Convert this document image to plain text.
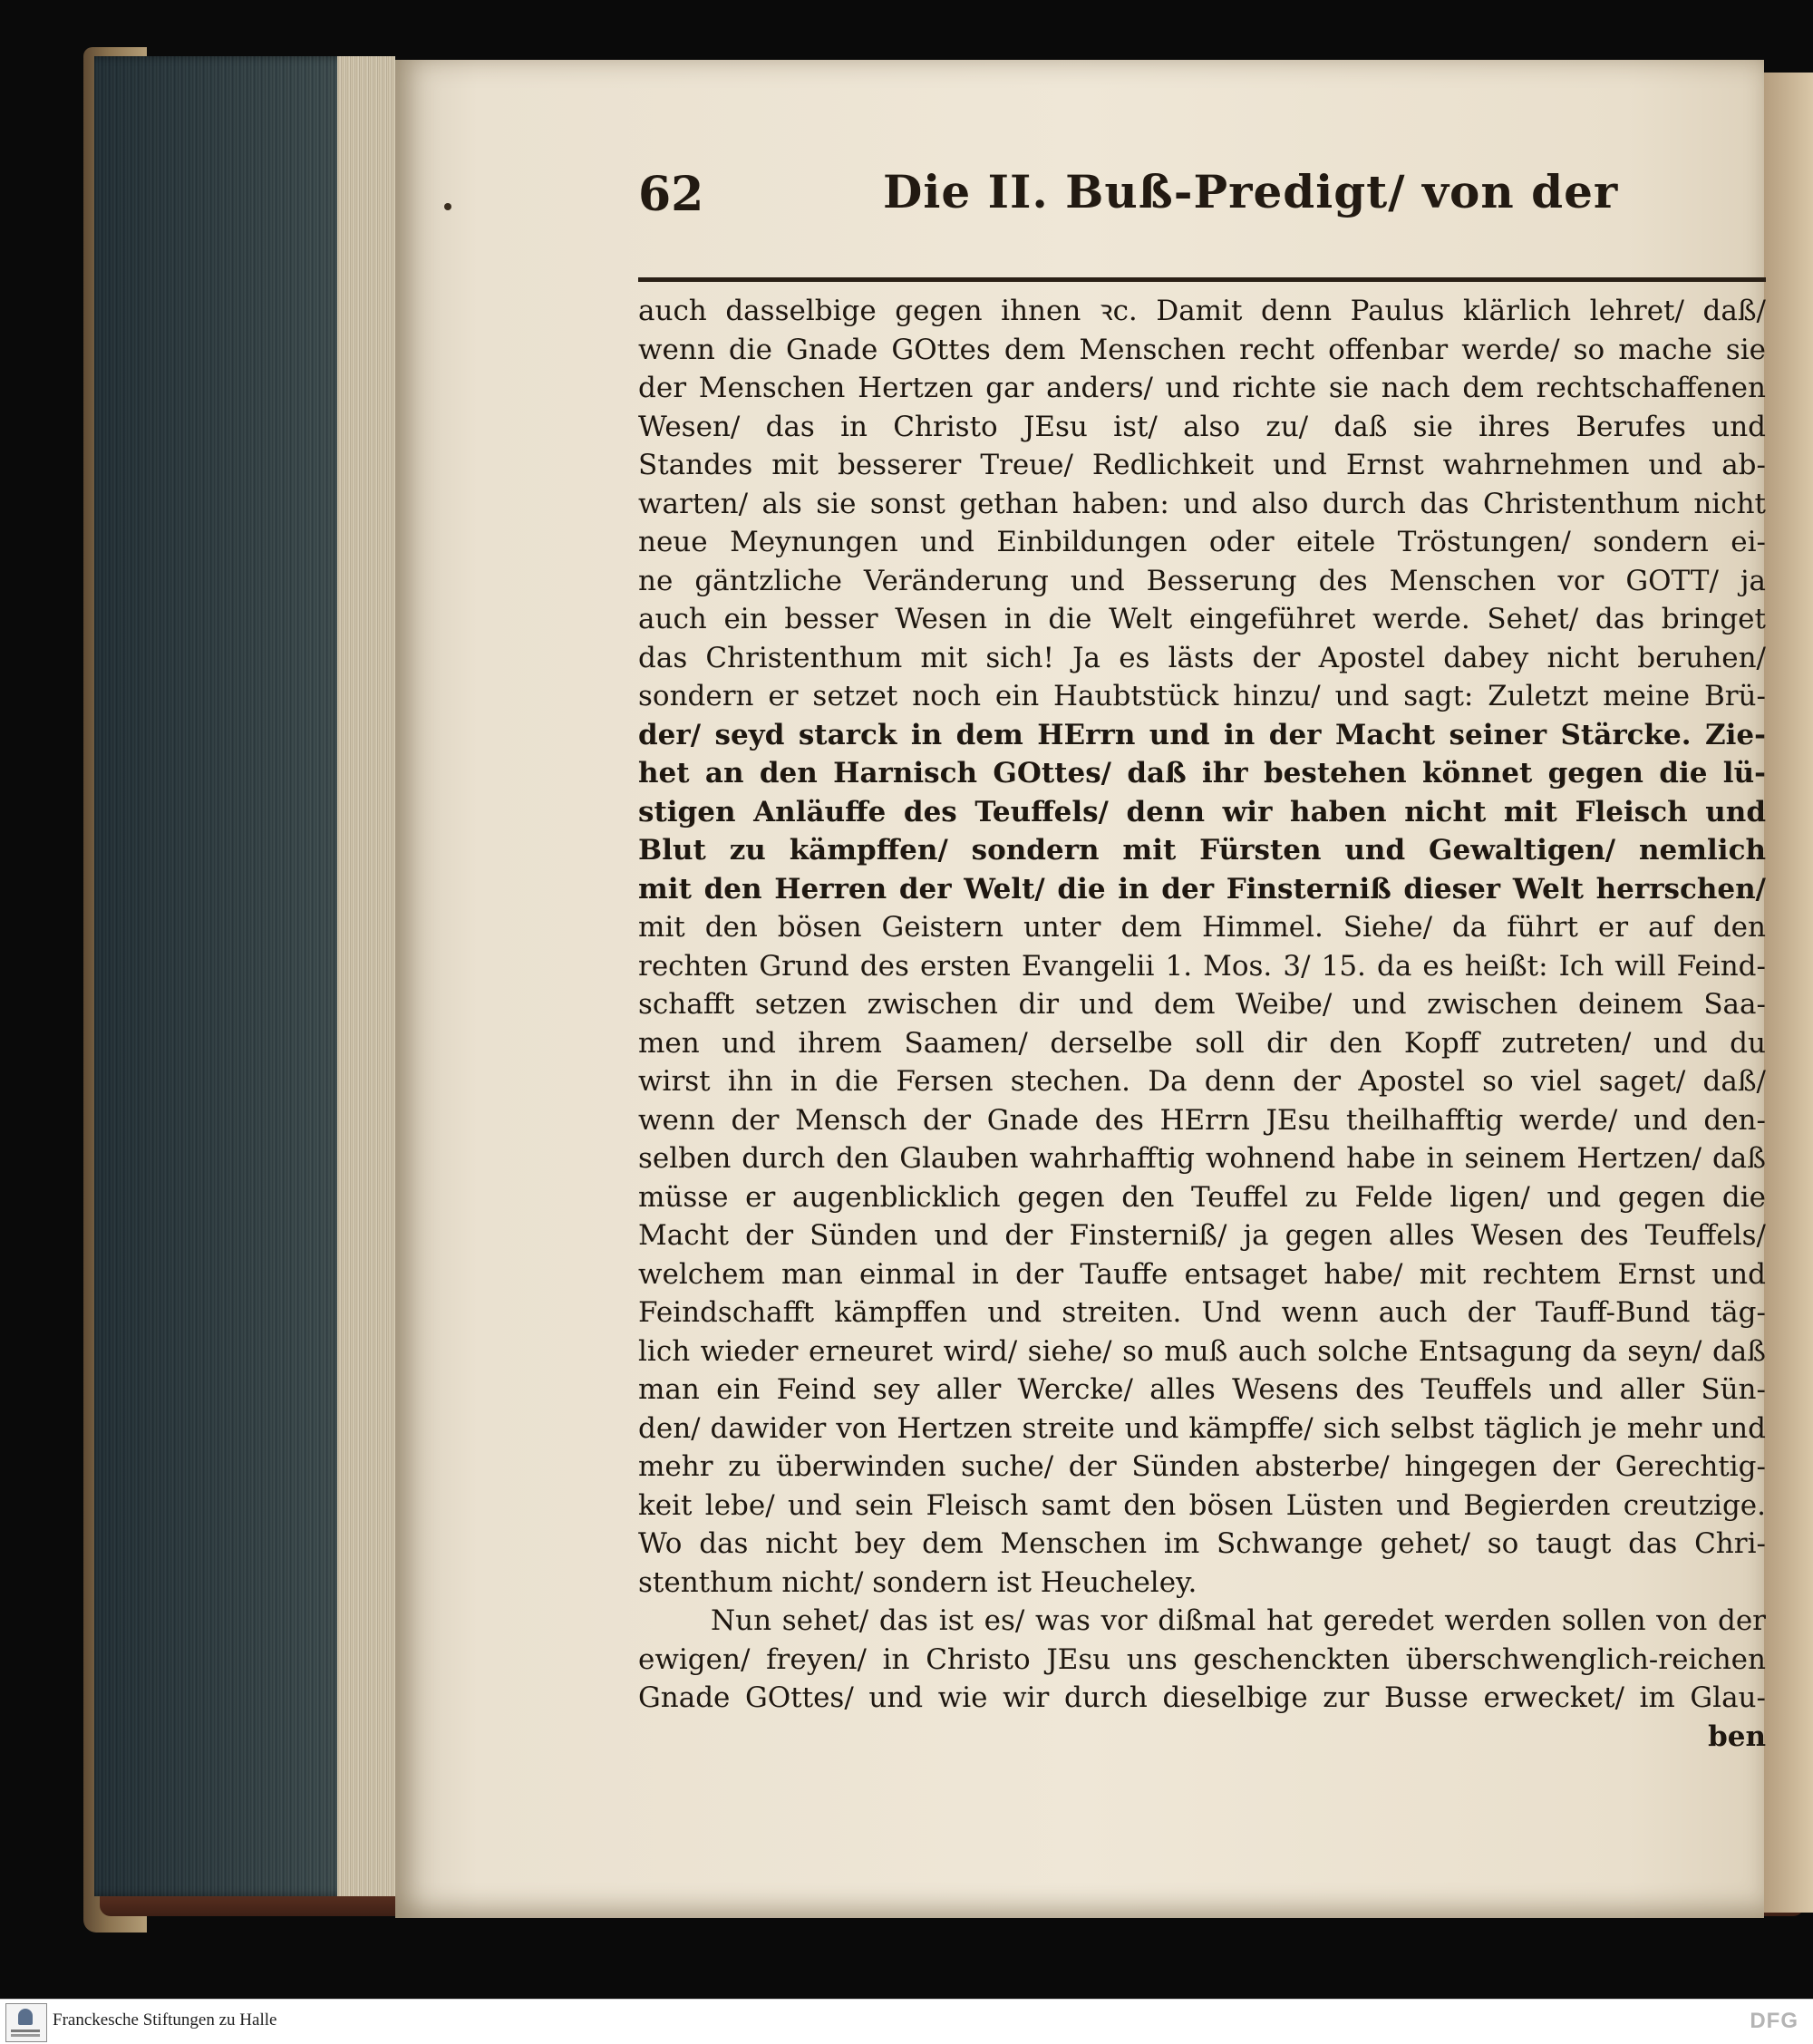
62	Die II. Buß-Predigt/ von der
auch dasselbige gegen ihnen ꝛc. Damit denn Paulus klärlich lehret/ daß/
wenn die Gnade GOttes dem Menschen recht offenbar werde/ so mache sie
der Menschen Hertzen gar anders/ und richte sie nach dem rechtschaffenen
Wesen/ das in Christo JEsu ist/ also zu/ daß sie ihres Berufes und
Standes mit besserer Treue/ Redlichkeit und Ernst wahrnehmen und ab-
warten/ als sie sonst gethan haben: und also durch das Christenthum nicht
neue Meynungen und Einbildungen oder eitele Tröstungen/ sondern ei-
ne gäntzliche Veränderung und Besserung des Menschen vor GOTT/ ja
auch ein besser Wesen in die Welt eingeführet werde. Sehet/ das bringet
das Christenthum mit sich! Ja es lästs der Apostel dabey nicht beruhen/
sondern er setzet noch ein Haubtstück hinzu/ und sagt: Zuletzt meine Brü-
der/ seyd starck in dem HErrn und in der Macht seiner Stärcke. Zie-
het an den Harnisch GOttes/ daß ihr bestehen könnet gegen die lü-
stigen Anläuffe des Teuffels/ denn wir haben nicht mit Fleisch und
Blut zu kämpffen/ sondern mit Fürsten und Gewaltigen/ nemlich
mit den Herren der Welt/ die in der Finsterniß dieser Welt herrschen/
mit den bösen Geistern unter dem Himmel. Siehe/ da führt er auf den
rechten Grund des ersten Evangelii 1. Mos. 3/ 15. da es heißt: Ich will Feind-
schafft setzen zwischen dir und dem Weibe/ und zwischen deinem Saa-
men und ihrem Saamen/ derselbe soll dir den Kopff zutreten/ und du
wirst ihn in die Fersen stechen. Da denn der Apostel so viel saget/ daß/
wenn der Mensch der Gnade des HErrn JEsu theilhafftig werde/ und den-
selben durch den Glauben wahrhafftig wohnend habe in seinem Hertzen/ daß
müsse er augenblicklich gegen den Teuffel zu Felde ligen/ und gegen die
Macht der Sünden und der Finsterniß/ ja gegen alles Wesen des Teuffels/
welchem man einmal in der Tauffe entsaget habe/ mit rechtem Ernst und
Feindschafft kämpffen und streiten. Und wenn auch der Tauff-Bund täg-
lich wieder erneuret wird/ siehe/ so muß auch solche Entsagung da seyn/ daß
man ein Feind sey aller Wercke/ alles Wesens des Teuffels und aller Sün-
den/ dawider von Hertzen streite und kämpffe/ sich selbst täglich je mehr und
mehr zu überwinden suche/ der Sünden absterbe/ hingegen der Gerechtig-
keit lebe/ und sein Fleisch samt den bösen Lüsten und Begierden creutzige.
Wo das nicht bey dem Menschen im Schwange gehet/ so taugt das Chri-
stenthum nicht/ sondern ist Heucheley.
Nun sehet/ das ist es/ was vor dißmal hat geredet werden sollen von der
ewigen/ freyen/ in Christo JEsu uns geschenckten überschwenglich-reichen
Gnade GOttes/ und wie wir durch dieselbige zur Busse erwecket/ im Glau-
ben
Franckesche Stiftungen zu Halle	DFG
